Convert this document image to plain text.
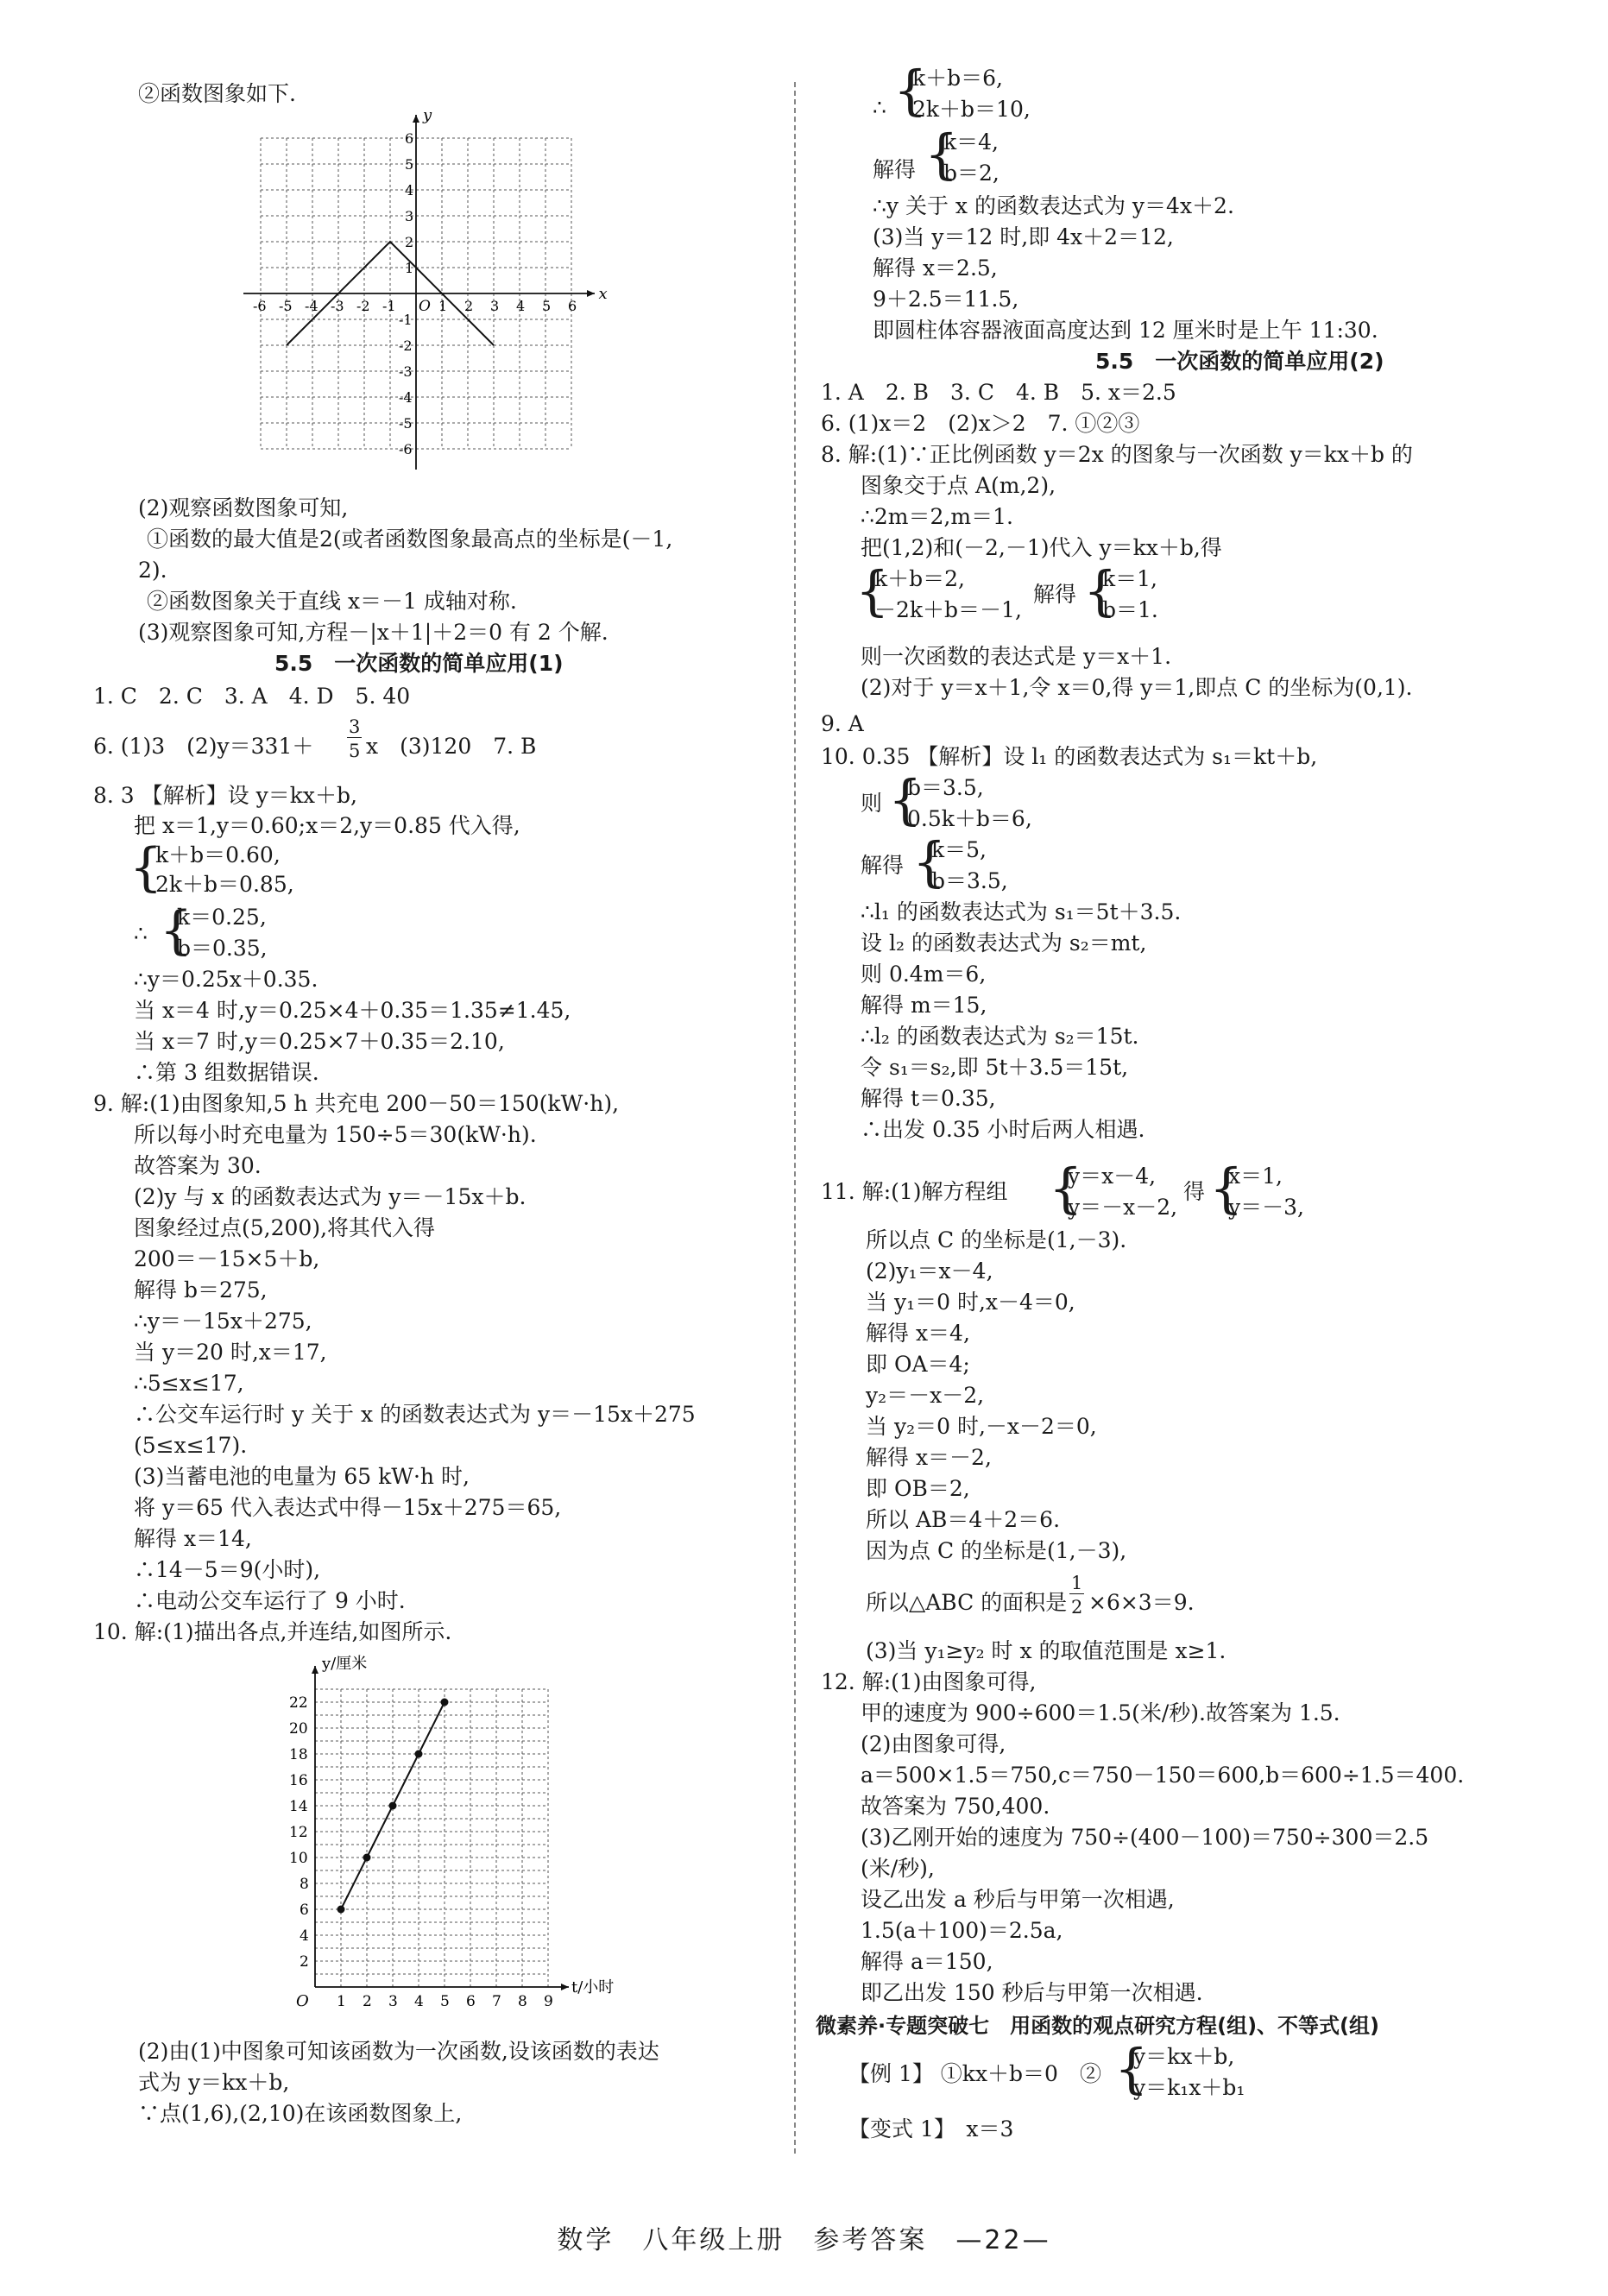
②函数图象如下.
x
y
O
-6 -5 -4 -3 -2 -1	1 2 3 4 5 6
6
5
4
3
2
1
-1
-2
-3
-4
-5
-6
(2)观察函数图象可知,
①函数的最大值是2(或者函数图象最高点的坐标是(－1,
2).
②函数图象关于直线 x＝－1 成轴对称.
(3)观察图象可知,方程－|x＋1|＋2＝0 有 2 个解.
5.5　一次函数的简单应用(1)
1. C　2. C　3. A　4. D　5. 40
6. (1)3　(2)y＝331＋
3
5 x　(3)120　7. B
8. 3 【解析】设 y＝kx＋b,
把 x＝1,y＝0.60;x＝2,y＝0.85 代入得,
{
k＋b＝0.60,
2k＋b＝0.85,
∴ {
k＝0.25,
b＝0.35,
∴y＝0.25x＋0.35.
当 x＝4 时,y＝0.25×4＋0.35＝1.35≠1.45,
当 x＝7 时,y＝0.25×7＋0.35＝2.10,
∴第 3 组数据错误.
9. 解:(1)由图象知,5 h 共充电 200－50＝150(kW·h),
所以每小时充电量为 150÷5＝30(kW·h).
故答案为 30.
(2)y 与 x 的函数表达式为 y＝－15x＋b.
图象经过点(5,200),将其代入得
200＝－15×5＋b,
解得 b＝275,
∴y＝－15x＋275,
当 y＝20 时,x＝17,
∴5≤x≤17,
∴公交车运行时 y 关于 x 的函数表达式为 y＝－15x＋275
(5≤x≤17).
(3)当蓄电池的电量为 65 kW·h 时,
将 y＝65 代入表达式中得－15x＋275＝65,
解得 x＝14,
∴14－5＝9(小时),
∴电动公交车运行了 9 小时.
10. 解:(1)描出各点,并连结,如图所示.
y/厘米
t/小时
O 1 2 3 4 5 6 7 8 9
2
4
6
8
10
12
14
16
18
20
22
(2)由(1)中图象可知该函数为一次函数,设该函数的表达
式为 y＝kx＋b,
∵点(1,6),(2,10)在该函数图象上,
∴ {
k＋b＝6,
2k＋b＝10,
解得 {
k＝4,
b＝2,
∴y 关于 x 的函数表达式为 y＝4x＋2.
(3)当 y＝12 时,即 4x＋2＝12,
解得 x＝2.5,
9＋2.5＝11.5,
即圆柱体容器液面高度达到 12 厘米时是上午 11:30.
5.5　一次函数的简单应用(2)
1. A　2. B　3. C　4. B　5. x＝2.5
6. (1)x＝2　(2)x＞2　7. ①②③
8. 解:(1)∵正比例函数 y＝2x 的图象与一次函数 y＝kx＋b 的
图象交于点 A(m,2),
∴2m＝2,m＝1.
把(1,2)和(－2,－1)代入 y＝kx＋b,得
{
k＋b＝2,
－2k＋b＝－1,
解得 {
k＝1,
b＝1.
则一次函数的表达式是 y＝x＋1.
(2)对于 y＝x＋1,令 x＝0,得 y＝1,即点 C 的坐标为(0,1).
9. A
10. 0.35 【解析】设 l₁ 的函数表达式为 s₁＝kt＋b,
则 {
b＝3.5,
0.5k＋b＝6,
解得 {
k＝5,
b＝3.5,
∴l₁ 的函数表达式为 s₁＝5t＋3.5.
设 l₂ 的函数表达式为 s₂＝mt,
则 0.4m＝6,
解得 m＝15,
∴l₂ 的函数表达式为 s₂＝15t.
令 s₁＝s₂,即 5t＋3.5＝15t,
解得 t＝0.35,
∴出发 0.35 小时后两人相遇.
11. 解:(1)解方程组 {
y＝x－4,
y＝－x－2,
得 {
x＝1,
y＝－3,
所以点 C 的坐标是(1,－3).
(2)y₁＝x－4,
当 y₁＝0 时,x－4＝0,
解得 x＝4,
即 OA＝4;
y₂＝－x－2,
当 y₂＝0 时,－x－2＝0,
解得 x＝－2,
即 OB＝2,
所以 AB＝4＋2＝6.
因为点 C 的坐标是(1,－3),
所以△ABC 的面积是
1
2 ×6×3＝9.
(3)当 y₁≥y₂ 时 x 的取值范围是 x≥1.
12. 解:(1)由图象可得,
甲的速度为 900÷600＝1.5(米/秒).故答案为 1.5.
(2)由图象可得,
a＝500×1.5＝750,c＝750－150＝600,b＝600÷1.5＝400.
故答案为 750,400.
(3)乙刚开始的速度为 750÷(400－100)＝750÷300＝2.5
(米/秒),
设乙出发 a 秒后与甲第一次相遇,
1.5(a＋100)＝2.5a,
解得 a＝150,
即乙出发 150 秒后与甲第一次相遇.
微素养·专题突破七　用函数的观点研究方程(组)、不等式(组)
【例 1】 ①kx＋b＝0　② {
y＝kx＋b,
y＝k₁x＋b₁
【变式 1】　x＝3
数学　八年级上册　参考答案　—22—
